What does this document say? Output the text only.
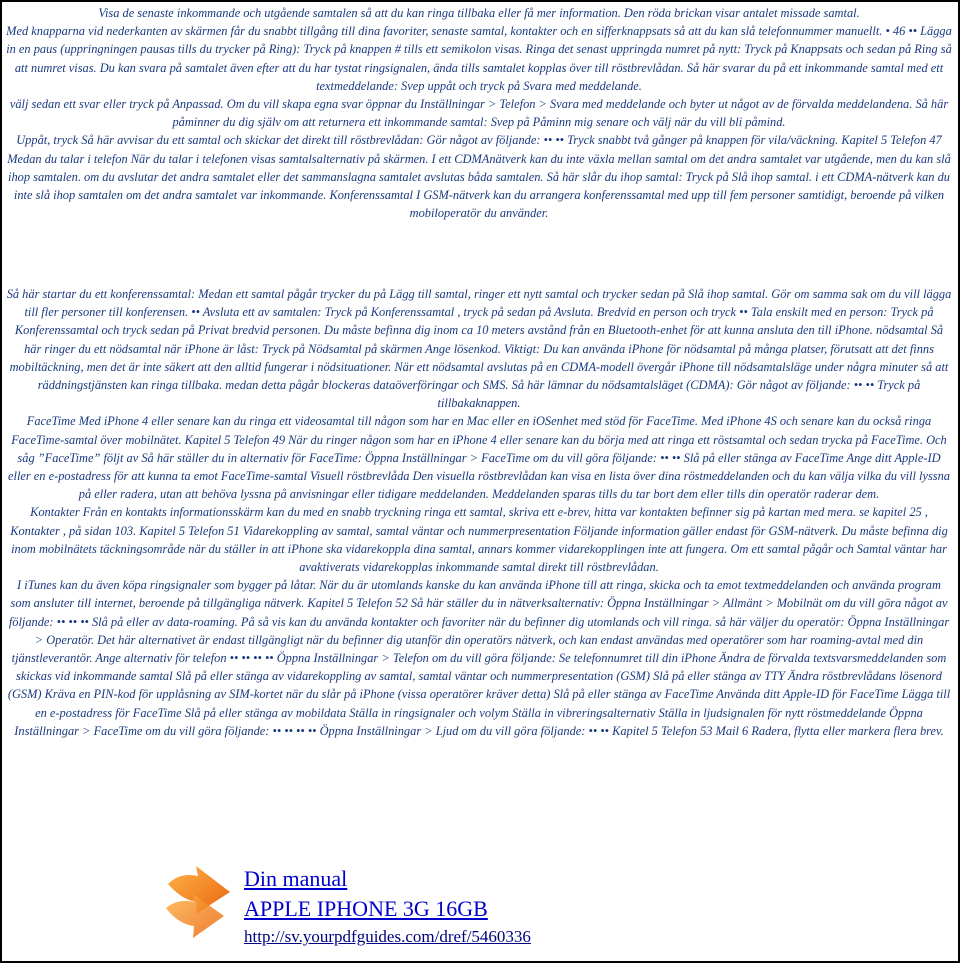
Visa de senaste inkommande och utgående samtalen så att du kan ringa tillbaka eller få mer information. Den röda brickan visar antalet missade samtal.

Med knapparna vid nederkanten av skärmen får du snabbt tillgång till dina favoriter, senaste samtal, kontakter och en sifferknappsats så att du kan slå telefonnummer manuellt. • 46 •• Lägga in en paus (uppringningen pausas tills du trycker på Ring): Tryck på knappen # tills ett semikolon visas. Ringa det senast uppringda numret på nytt: Tryck på Knappsats och sedan på Ring så att numret visas. Du kan svara på samtalet även efter att du har tystat ringsignalen, ända tills samtalet kopplas över till röstbrevlådan. Så här svarar du på ett inkommande samtal med ett textmeddelande: Svep uppåt och tryck på Svara med meddelande.

välj sedan ett svar eller tryck på Anpassad. Om du vill skapa egna svar öppnar du Inställningar > Telefon > Svara med meddelande och byter ut något av de förvalda meddelandena. Så här påminner du dig själv om att returnera ett inkommande samtal: Svep på Påminn mig senare och välj när du vill bli påmind.

Uppåt, tryck Så här avvisar du ett samtal och skickar det direkt till röstbrevlådan: Gör något av följande: •• •• Tryck snabbt två gånger på knappen för vila/väckning. Kapitel 5 Telefon 47 Medan du talar i telefon När du talar i telefonen visas samtalsalternativ på skärmen. I ett CDMAnätverk kan du inte växla mellan samtal om det andra samtalet var utgående, men du kan slå ihop samtalen. om du avslutar det andra samtalet eller det sammanslagna samtalet avslutas båda samtalen. Så här slår du ihop samtal: Tryck på Slå ihop samtal. i ett CDMA-nätverk kan du inte slå ihop samtalen om det andra samtalet var inkommande. Konferenssamtal I GSM-nätverk kan du arrangera konferenssamtal med upp till fem personer samtidigt, beroende på vilken mobiloperatör du använder.

Så här startar du ett konferenssamtal: Medan ett samtal pågår trycker du på Lägg till samtal, ringer ett nytt samtal och trycker sedan på Slå ihop samtal. Gör om samma sak om du vill lägga till fler personer till konferensen. •• Avsluta ett av samtalen: Tryck på Konferenssamtal , tryck på sedan på Avsluta. Bredvid en person och tryck •• Tala enskilt med en person: Tryck på Konferenssamtal och tryck sedan på Privat bredvid personen. Du måste befinna dig inom ca 10 meters avstånd från en Bluetooth-enhet för att kunna ansluta den till iPhone. nödsamtal Så här ringer du ett nödsamtal när iPhone är låst: Tryck på Nödsamtal på skärmen Ange lösenkod. Viktigt: Du kan använda iPhone för nödsamtal på många platser, förutsatt att det finns mobiltäckning, men det är inte säkert att den alltid fungerar i nödsituationer. När ett nödsamtal avslutas på en CDMA-modell övergår iPhone till nödsamtalsläge under några minuter så att räddningstjänsten kan ringa tillbaka. medan detta pågår blockeras dataöverföringar och SMS. Så här lämnar du nödsamtalsläget (CDMA): Gör något av följande: •• •• Tryck på tillbakaknappen.

FaceTime Med iPhone 4 eller senare kan du ringa ett videosamtal till någon som har en Mac eller en iOSenhet med stöd för FaceTime. Med iPhone 4S och senare kan du också ringa FaceTime-samtal över mobilnätet. Kapitel 5 Telefon 49 När du ringer någon som har en iPhone 4 eller senare kan du börja med att ringa ett röstsamtal och sedan trycka på FaceTime. Och såg ”FaceTime” följt av Så här ställer du in alternativ för FaceTime: Öppna Inställningar > FaceTime om du vill göra följande: •• •• Slå på eller stänga av FaceTime Ange ditt Apple-ID eller en e-postadress för att kunna ta emot FaceTime-samtal Visuell röstbrevlåda Den visuella röstbrevlådan kan visa en lista över dina röstmeddelanden och du kan välja vilka du vill lyssna på eller radera, utan att behöva lyssna på anvisningar eller tidigare meddelanden. Meddelanden sparas tills du tar bort dem eller tills din operatör raderar dem.

Kontakter Från en kontakts informationsskärm kan du med en snabb tryckning ringa ett samtal, skriva ett e-brev, hitta var kontakten befinner sig på kartan med mera. se kapitel 25 , Kontakter , på sidan 103. Kapitel 5 Telefon 51 Vidarekoppling av samtal, samtal väntar och nummerpresentation Följande information gäller endast för GSM-nätverk. Du måste befinna dig inom mobilnätets täckningsområde när du ställer in att iPhone ska vidarekoppla dina samtal, annars kommer vidarekopplingen inte att fungera. Om ett samtal pågår och Samtal väntar har avaktiverats vidarekopplas inkommande samtal direkt till röstbrevlådan.

I iTunes kan du även köpa ringsignaler som bygger på låtar. När du är utomlands kanske du kan använda iPhone till att ringa, skicka och ta emot textmeddelanden och använda program som ansluter till internet, beroende på tillgängliga nätverk. Kapitel 5 Telefon 52 Så här ställer du in nätverksalternativ: Öppna Inställningar > Allmänt > Mobilnät om du vill göra något av följande: •• •• •• Slå på eller av data-roaming. På så vis kan du använda kontakter och favoriter när du befinner dig utomlands och vill ringa. så här väljer du operatör: Öppna Inställningar > Operatör. Det här alternativet är endast tillgängligt när du befinner dig utanför din operatörs nätverk, och kan endast användas med operatörer som har roaming-avtal med din tjänstleverantör. Ange alternativ för telefon •• •• •• •• Öppna Inställningar > Telefon om du vill göra följande: Se telefonnumret till din iPhone Ändra de förvalda textsvarsmeddelanden som skickas vid inkommande samtal Slå på eller stänga av vidarekoppling av samtal, samtal väntar och nummerpresentation (GSM) Slå på eller stänga av TTY Ändra röstbrevlådans lösenord (GSM) Kräva en PIN-kod för upplåsning av SIM-kortet när du slår på iPhone (vissa operatörer kräver detta) Slå på eller stänga av FaceTime Använda ditt Apple-ID för FaceTime Lägga till en e-postadress för FaceTime Slå på eller stänga av mobildata Ställa in ringsignaler och volym Ställa in vibreringsalternativ Ställa in ljudsignalen för nytt röstmeddelande Öppna Inställningar > FaceTime om du vill göra följande: •• •• •• •• Öppna Inställningar > Ljud om du vill göra följande: •• •• Kapitel 5 Telefon 53 Mail 6 Radera, flytta eller markera flera brev.

Din manual
APPLE IPHONE 3G 16GB
http://sv.yourpdfguides.com/dref/5460336
